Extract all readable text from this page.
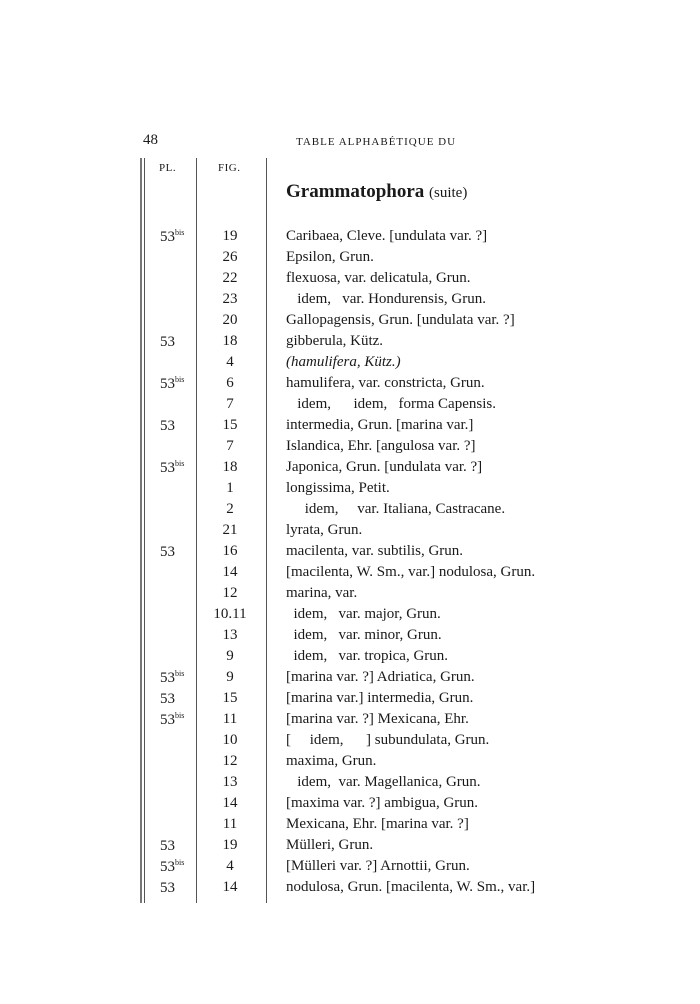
48	TABLE ALPHABÉTIQUE DU
PL.	FIG.
Grammatophora (suite)
$53^{bis}$	19	Caribaea, Cleve. [undulata var. ?]
26	Epsilon, Grun.
22	flexuosa, var. delicatula, Grun.
23	idem,   var. Hondurensis, Grun.
20	Gallopagensis, Grun. [undulata var. ?]
53	18	gibberula, Kütz.
4	(hamulifera, Kütz.)
$53^{bis}$	6	hamulifera, var. constricta, Grun.
7	idem,      idem,   forma Capensis.
53	15	intermedia, Grun. [marina var.]
7	Islandica, Ehr. [angulosa var. ?]
$53^{bis}$	18	Japonica, Grun. [undulata var. ?]
1	longissima, Petit.
2	idem,     var. Italiana, Castracane.
21	lyrata, Grun.
53	16	macilenta, var. subtilis, Grun.
14	[macilenta, W. Sm., var.] nodulosa, Grun.
12	marina, var.
10.11	idem,   var. major, Grun.
13	idem,   var. minor, Grun.
9	idem,   var. tropica, Grun.
$53^{bis}$	9	[marina var. ?] Adriatica, Grun.
53	15	[marina var.] intermedia, Grun.
$53^{bis}$	11	[marina var. ?] Mexicana, Ehr.
10	[     idem,      ] subundulata, Grun.
12	maxima, Grun.
13	idem,  var. Magellanica, Grun.
14	[maxima var. ?] ambigua, Grun.
11	Mexicana, Ehr. [marina var. ?]
53	19	Mülleri, Grun.
$53^{bis}$	4	[Mülleri var. ?] Arnottii, Grun.
53	14	nodulosa, Grun. [macilenta, W. Sm., var.]
